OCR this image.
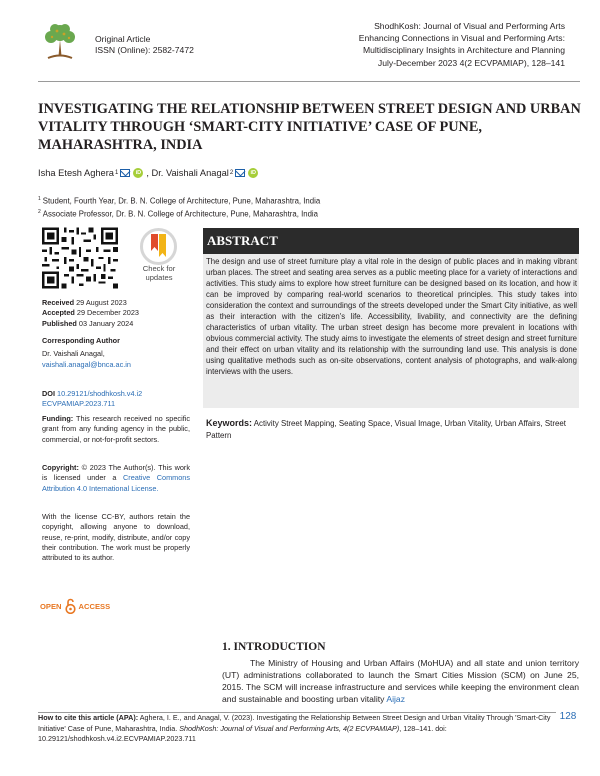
Original Article
ISSN (Online): 2582-7472
ShodhKosh: Journal of Visual and Performing Arts
Enhancing Connections in Visual and Performing Arts:
Multidisciplinary Insights in Architecture and Planning
July-December 2023 4(2 ECVPAMIAP), 128–141
INVESTIGATING THE RELATIONSHIP BETWEEN STREET DESIGN AND URBAN VITALITY THROUGH ‘SMART-CITY INITIATIVE’ CASE OF PUNE, MAHARASHTRA, INDIA
Isha Etesh Aghera 1	iD , Dr. Vaishali Anagal 2	iD
$^1$ Student, Fourth Year, Dr. B. N. College of Architecture, Pune, Maharashtra, India
$^2$ Associate Professor, Dr. B. N. College of Architecture, Pune, Maharashtra, India
Check for
updates
Received 29 August 2023
Accepted 29 December 2023
Published 03 January 2024
Corresponding Author
Dr. Vaishali Anagal,
vaishali.anagal@bnca.ac.in
DOI 10.29121/shodhkosh.v4.i2
ECVPAMIAP.2023.711
Funding: This research received no specific grant from any funding agency in the public, commercial, or not-for-profit sectors.
Copyright: © 2023 The Author(s). This work is licensed under a Creative Commons Attribution 4.0 International License.
With the license CC-BY, authors retain the copyright, allowing anyone to download, reuse, re-print, modify, distribute, and/or copy their contribution. The work must be properly attributed to its author.
OPEN ACCESS
ABSTRACT
The design and use of street furniture play a vital role in the design of public places and in making vibrant urban places. The street and seating area serves as a public meeting place for a variety of interactions and activities. This study aims to explore how street furniture can be designed based on its location, and how it can be improved by comparing real-world scenarios to theoretical principles. This study takes into consideration the context and surroundings of the streets developed under the Smart City initiative, as well as their interaction with the citizen's life. Accessibility, livability, and connectivity are the defining characteristics of urban vitality. The urban street design has become more prevalent in locations with obvious commercial activity. The study aims to investigate the elements of street design and street furniture and their effect on urban vitality and its relationship with the surrounding land use. This analysis is done using qualitative methods such as on-site observations, content analysis of photographs, and walk-along interviews with the users.
Keywords: Activity Street Mapping, Seating Space, Visual Image, Urban Vitality, Urban Affairs, Street Pattern
1. INTRODUCTION
The Ministry of Housing and Urban Affairs (MoHUA) and all state and union territory (UT) administrations collaborated to launch the Smart Cities Mission (SCM) on June 25, 2015. The SCM will increase infrastructure and services while keeping the environment clean and sustainable and boosting urban vitality Aijaz
How to cite this article (APA): Aghera, I. E., and Anagal, V. (2023). Investigating the Relationship Between Street Design and Urban Vitality Through 'Smart-City Initiative' Case of Pune, Maharashtra, India. ShodhKosh: Journal of Visual and Performing Arts, 4(2 ECVPAMIAP), 128–141. doi: 10.29121/shodhkosh.v4.i2.ECVPAMIAP.2023.711
128
